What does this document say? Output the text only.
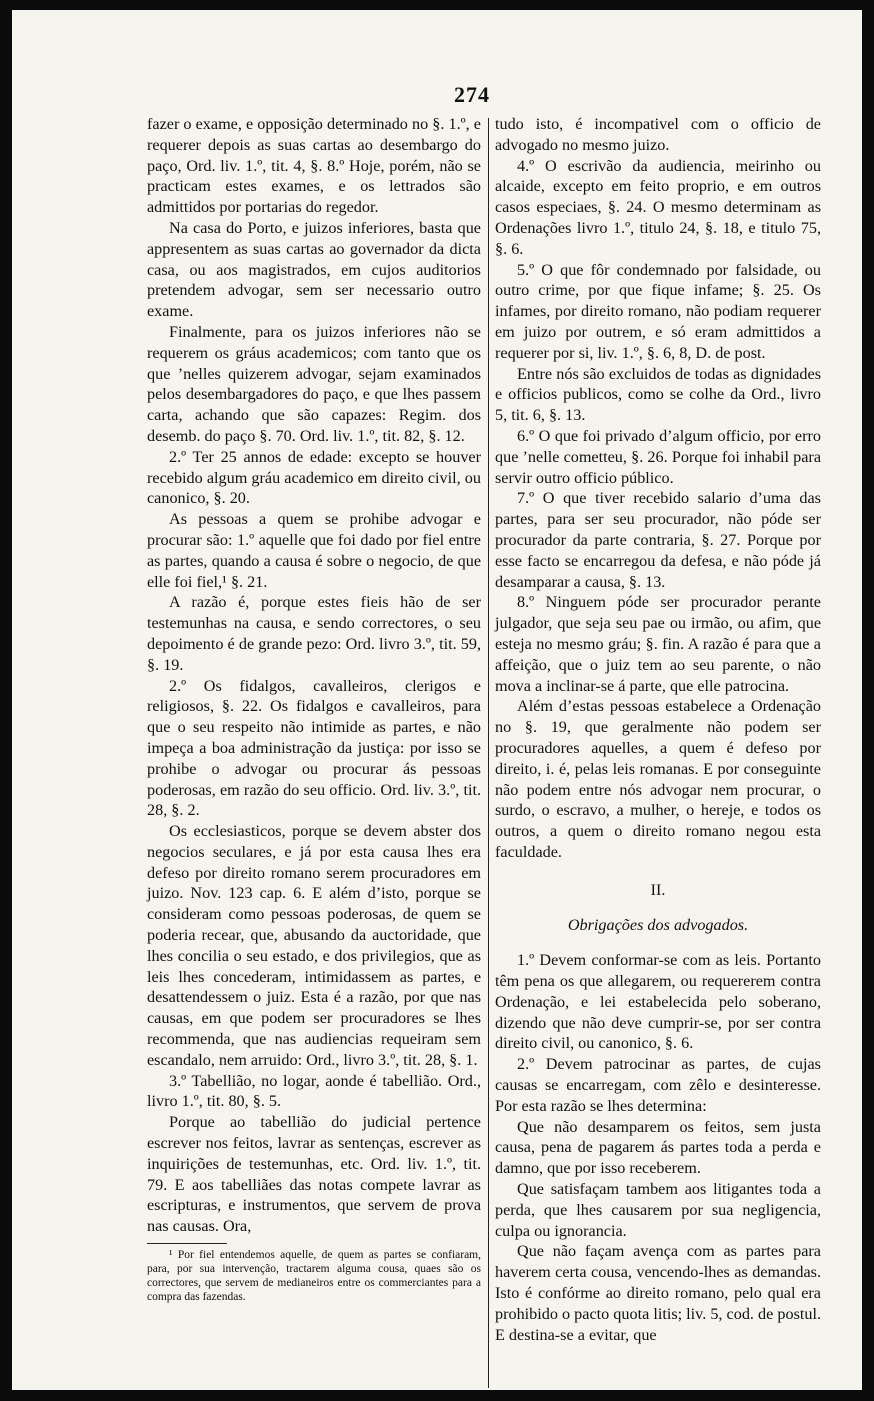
274

fazer o exame, e opposição determinado no §. 1.º, e requerer depois as suas cartas ao desembargo do paço, Ord. liv. 1.º, tit. 4, §. 8.º Hoje, porém, não se practicam estes exames, e os lettrados são admittidos por portarias do regedor.

Na casa do Porto, e juizos inferiores, basta que appresentem as suas cartas ao governador da dicta casa, ou aos magistrados, em cujos auditorios pretendem advogar, sem ser necessario outro exame.

Finalmente, para os juizos inferiores não se requerem os gráus academicos; com tanto que os que ’nelles quizerem advogar, sejam examinados pelos desembargadores do paço, e que lhes passem carta, achando que são capazes: Regim. dos desemb. do paço §. 70. Ord. liv. 1.º, tit. 82, §. 12.

2.º Ter 25 annos de edade: excepto se houver recebido algum gráu academico em direito civil, ou canonico, §. 20.

As pessoas a quem se prohibe advogar e procurar são: 1.º aquelle que foi dado por fiel entre as partes, quando a causa é sobre o negocio, de que elle foi fiel,¹ §. 21.

A razão é, porque estes fieis hão de ser testemunhas na causa, e sendo correctores, o seu depoimento é de grande pezo: Ord. livro 3.º, tit. 59, §. 19.

2.º Os fidalgos, cavalleiros, clerigos e religiosos, §. 22. Os fidalgos e cavalleiros, para que o seu respeito não intimide as partes, e não impeça a boa administração da justiça: por isso se prohibe o advogar ou procurar ás pessoas poderosas, em razão do seu officio. Ord. liv. 3.º, tit. 28, §. 2.

Os ecclesiasticos, porque se devem abster dos negocios seculares, e já por esta causa lhes era defeso por direito romano serem procuradores em juizo. Nov. 123 cap. 6. E além d’isto, porque se consideram como pessoas poderosas, de quem se poderia recear, que, abusando da auctoridade, que lhes concilia o seu estado, e dos privilegios, que as leis lhes concederam, intimidassem as partes, e desattendessem o juiz. Esta é a razão, por que nas causas, em que podem ser procuradores se lhes recommenda, que nas audiencias requeiram sem escandalo, nem arruido: Ord., livro 3.º, tit. 28, §. 1.

3.º Tabellião, no logar, aonde é tabellião. Ord., livro 1.º, tit. 80, §. 5.

Porque ao tabellião do judicial pertence escrever nos feitos, lavrar as sentenças, escrever as inquirições de testemunhas, etc. Ord. liv. 1.º, tit. 79. E aos tabelliães das notas compete lavrar as escripturas, e instrumentos, que servem de prova nas causas. Ora,

¹ Por fiel entendemos aquelle, de quem as partes se confiaram, para, por sua intervenção, tractarem alguma cousa, quaes são os correctores, que servem de medianeiros entre os commerciantes para a compra das fazendas.

tudo isto, é incompativel com o officio de advogado no mesmo juizo.

4.º O escrivão da audiencia, meirinho ou alcaide, excepto em feito proprio, e em outros casos especiaes, §. 24. O mesmo determinam as Ordenações livro 1.º, titulo 24, §. 18, e titulo 75, §. 6.

5.º O que fôr condemnado por falsidade, ou outro crime, por que fique infame; §. 25. Os infames, por direito romano, não podiam requerer em juizo por outrem, e só eram admittidos a requerer por si, liv. 1.º, §. 6, 8, D. de post.

Entre nós são excluidos de todas as dignidades e officios publicos, como se colhe da Ord., livro 5, tit. 6, §. 13.

6.º O que foi privado d’algum officio, por erro que ’nelle cometteu, §. 26. Porque foi inhabil para servir outro officio público.

7.º O que tiver recebido salario d’uma das partes, para ser seu procurador, não póde ser procurador da parte contraria, §. 27. Porque por esse facto se encarregou da defesa, e não póde já desamparar a causa, §. 13.

8.º Ninguem póde ser procurador perante julgador, que seja seu pae ou irmão, ou afim, que esteja no mesmo gráu; §. fin. A razão é para que a affeição, que o juiz tem ao seu parente, o não mova a inclinar-se á parte, que elle patrocina.

Além d’estas pessoas estabelece a Ordenação no §. 19, que geralmente não podem ser procuradores aquelles, a quem é defeso por direito, i. é, pelas leis romanas. E por conseguinte não podem entre nós advogar nem procurar, o surdo, o escravo, a mulher, o hereje, e todos os outros, a quem o direito romano negou esta faculdade.

II.

Obrigações dos advogados.

1.º Devem conformar-se com as leis. Portanto têm pena os que allegarem, ou requererem contra Ordenação, e lei estabelecida pelo soberano, dizendo que não deve cumprir-se, por ser contra direito civil, ou canonico, §. 6.

2.º Devem patrocinar as partes, de cujas causas se encarregam, com zêlo e desinteresse. Por esta razão se lhes determina:

Que não desamparem os feitos, sem justa causa, pena de pagarem ás partes toda a perda e damno, que por isso receberem.

Que satisfaçam tambem aos litigantes toda a perda, que lhes causarem por sua negligencia, culpa ou ignorancia.

Que não façam avença com as partes para haverem certa cousa, vencendo-lhes as demandas. Isto é confórme ao direito romano, pelo qual era prohibido o pacto quota litis; liv. 5, cod. de postul. E destina-se a evitar, que
